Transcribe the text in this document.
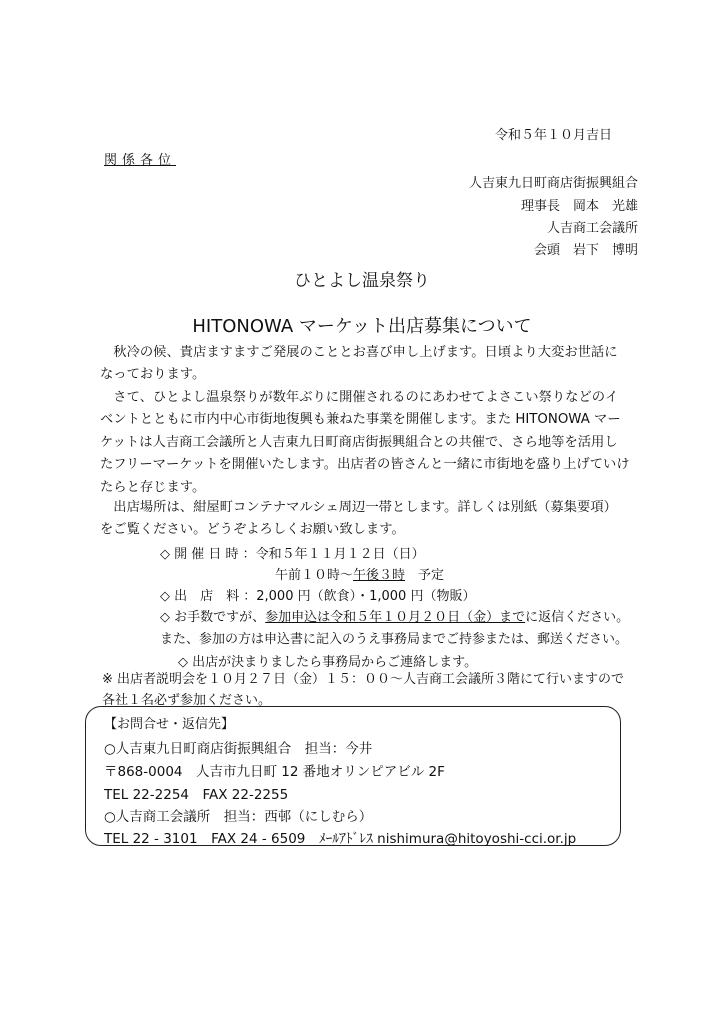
令和５年１０月吉日
関係各位
人吉東九日町商店街振興組合
理事長　岡本　光雄
人吉商工会議所
会頭　岩下　博明
ひとよし温泉祭り
HITONOWA マーケット出店募集について
秋冷の候、貴店ますますご発展のこととお喜び申し上げます。日頃より大変お世話になっております。
さて、ひとよし温泉祭りが数年ぶりに開催されるのにあわせてよさこい祭りなどのイベントとともに市内中心市街地復興も兼ねた事業を開催します。また HITONOWA マーケットは人吉商工会議所と人吉東九日町商店街振興組合との共催で、さら地等を活用したフリーマーケットを開催いたします。出店者の皆さんと一緒に市街地を盛り上げていけたらと存じます。
出店場所は、紺屋町コンテナマルシェ周辺一帯とします。詳しくは別紙（募集要項）をご覧ください。どうぞよろしくお願い致します。
◇ 開 催 日 時 ：令和５年１１月１２日（日）
午前１０時～午後３時　予定
◇ 出　店　料 ：2,000 円（飲食）・1,000 円（物販）
◇ お手数ですが、参加申込は令和５年１０月２０日（金）までに返信ください。
また、参加の方は申込書に記入のうえ事務局までご持参または、郵送ください。
◇ 出店が決まりましたら事務局からご連絡します。
※ 出店者説明会を１０月２７日（金）１５：００～人吉商工会議所３階にて行いますので各社１名必ず参加ください。
【お問合せ・返信先】
○人吉東九日町商店街振興組合　担当：今井
〒868-0004　人吉市九日町 12 番地オリンピアビル 2F
TEL 22-2254　FAX 22-2255
○人吉商工会議所　担当：西邨（にしむら）
TEL 22 - 3101　FAX 24 - 6509　ﾒｰﾙｱﾄﾞﾚｽ nishimura@hitoyoshi-cci.or.jp
